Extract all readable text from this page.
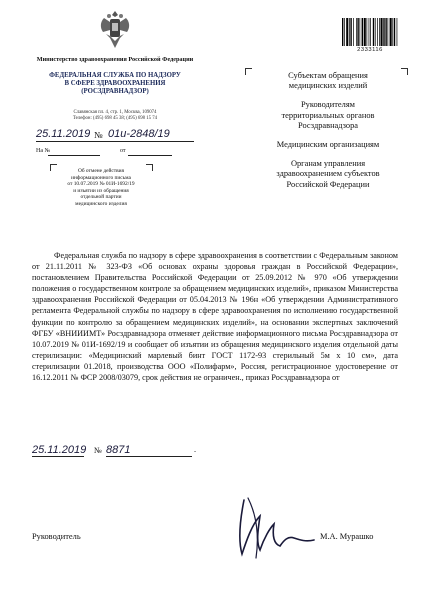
Министерство здравоохранения Российской Федерации
ФЕДЕРАЛЬНАЯ СЛУЖБА ПО НАДЗОРУ
В СФЕРЕ ЗДРАВООХРАНЕНИЯ
(РОСЗДРАВНАДЗОР)
Славянская пл. 4, стр. 1, Москва, 109074
Телефон: (495) 698 45 38; (495) 698 15 74
25.11.2019 № 01и-2848/19
На №	от
Об отмене действия
информационного письма
от 10.07.2019 № 01И-1692/19
и изъятии из обращения
отдельной партии
медицинского изделия
2333116

Субъектам обращения
медицинских изделий

Руководителям
территориальных органов
Росздравнадзора

Медицинским организациям

Органам управления
здравоохранением субъектов
Российской Федерации

Федеральная служба по надзору в сфере здравоохранения в соответствии с Федеральным законом от 21.11.2011 № 323-ФЗ «Об основах охраны здоровья граждан в Российской Федерации», постановлением Правительства Российской Федерации от 25.09.2012 № 970 «Об утверждении положения о государственном контроле за обращением медицинских изделий», приказом Министерства здравоохранения Российской Федерации от 05.04.2013 № 196н «Об утверждении Административного регламента Федеральной службы по надзору в сфере здравоохранения по исполнению государственной функции по контролю за обращением медицинских изделий», на основании экспертных заключений ФГБУ «ВНИИИМТ» Росздравнадзора отменяет действие информационного письма Росздравнадзора от 10.07.2019 № 01И-1692/19 и сообщает об изъятии из обращения медицинского изделия отдельной даты стерилизации: «Медицинский марлевый бинт ГОСТ 1172-93 стерильный 5м х 10 см», дата стерилизации 01.2018, производства ООО «Полифарм», Россия, регистрационное удостоверение от 16.12.2011 № ФСР 2008/03079, срок действия не ограничен., приказ Росздравнадзора от

25.11.2019 № 8871	.
Руководитель	М.А. Мурашко
